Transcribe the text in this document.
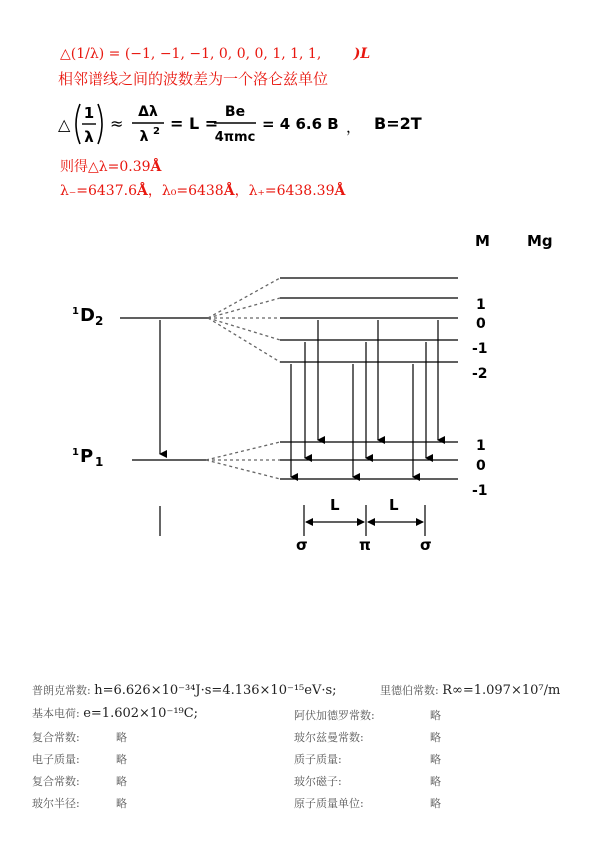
△(1/λ) = (−1, −1, −1, 0, 0, 0, 1, 1, 1, )L
相邻谱线之间的波数差为一个洛仑兹单位
△
1
λ
≈
Δλ
λ 2 = L =
Be
4πmc
= 4 6.6 B ， B=2T
则得△λ=0.39Å
λ₋=6437.6Å，λ₀=6438Å，λ₊=6438.39Å
M Mg
1 D 2
1 P 1
1
0
-1
-2
1
0
-1
L	L
σ	π	σ
普朗克常数: h=6.626×10⁻³⁴J·s=4.136×10⁻¹⁵eV·s;	里德伯常数: R∞=1.097×10⁷/m
基本电荷: e=1.602×10⁻¹⁹C;	阿伏加德罗常数:	略
复合常数:	略	玻尔兹曼常数:	略
电子质量:	略	质子质量:	略
复合常数:	略	玻尔磁子:	略
玻尔半径:	略	原子质量单位:	略
